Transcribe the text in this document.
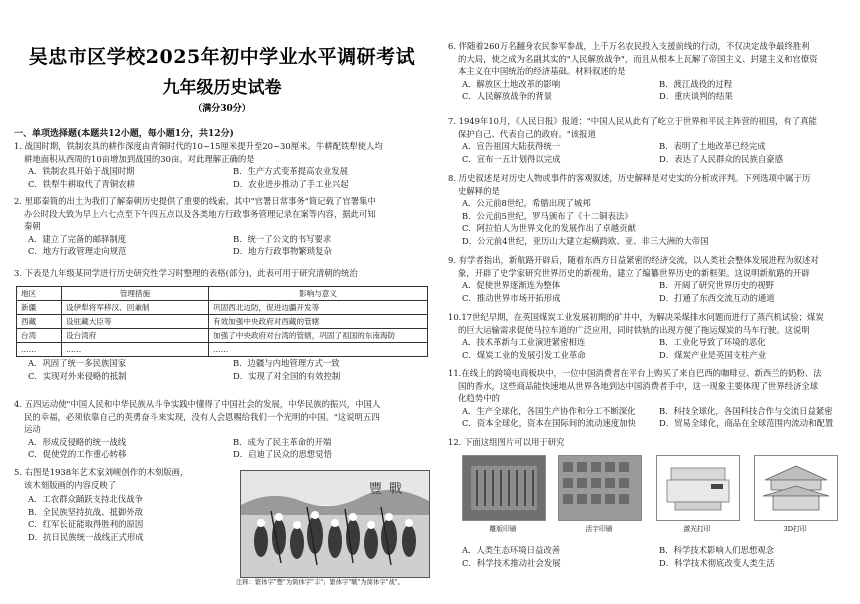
吴忠市区学校2025年初中学业水平调研考试
九年级历史试卷
（满分30分）
一、单项选择题(本题共12小题，每小题1分，共12分)

1. 战国时期，铁制农具的耕作深度由青铜时代的10~15厘米提升至20~30厘米。牛耕配铁犁使人均

耕地面积从西周的10亩增加到战国的30亩。对此理解正确的是

A．铁制农具开始于战国时期	B．生产方式变革提高农业发展
C．铁犁牛耕取代了青铜农耕	D．农业进步推动了手工业兴起

2. 里耶秦简的出土为我们了解秦朝历史提供了重要的线索。其中"官署日常事务"简记载了官署集中

办公时段大致为早上六七点至下午四五点以及各类地方行政事务管理记录在案等内容，据此可知

秦朝

A．建立了完备的邮驿制度	B．统一了公文的书写要求
C．地方行政管理走向规范	D．地方行政事物繁琐复杂

3. 下表是九年级某同学进行历史研究性学习时整理的表格(部分)，此表可用于研究清朝的统治

地区	管理措施	影响与意义
新疆	设伊犁将军移汉、回兼制	巩固西北边防，促进边疆开发等
西藏	设驻藏大臣等	有效加强中央政府对西藏的管辖
台湾	设台湾府	加强了中央政府对台湾的管辖，巩固了祖国的东南海防
……	……	……
A．巩固了统一多民族国家	B．边疆与内地管理方式一致
C．实现对外来侵略的抵制	D．实现了对全国的有效控制

4. 五四运动使"中国人民和中华民族从斗争实践中懂得了中国社会的发展，中华民族的振兴，中国人

民的幸福，必须依靠自己的英勇奋斗来实现，没有人会恩赐给我们一个光明的中国。"这说明五四

运动

A．形成反侵略的统一战线	B．成为了民主革命的开端
C．促使党的工作重心转移	D．启迪了民众的思想觉悟

5. 右图是1938年艺术家刘岘创作的木刻版画，

该木刻版画的内容反映了

A．工农群众踊跃支持北伐战争
B．全民族坚持抗战、抵御外敌
C．红军长征能取得胜利的原因
D．抗日民族统一战线正式形成
豐 戰
注释：繁体字"豐"为简体字"丰"；繁体字"戰"为简体字"战"。

6. 伴随着260万名翻身农民参军参战，上千万名农民投入支援前线的行动，不仅决定战争最终胜利

的大局，使之成为名副其实的"人民解放战争"，而且从根本上瓦解了帝国主义、封建主义和官僚资

本主义在中国统治的经济基础。材料叙述的是

A．解放区土地改革的影响	B．渡江战役的过程
C．人民解放战争的背景	D．重庆谈判的结果

7. 1949年10月，《人民日报》报道："中国人民从此有了屹立于世界和平民主阵营的祖国，有了真能

保护自己、代表自己的政府。"该报道

A．宣告祖国大陆获得统一	B．表明了土地改革已经完成
C．宣布一五计划得以完成	D．表达了人民群众的民族自豪感

8. 历史叙述是对历史人物或事件的客观叙述，历史解释是对史实的分析或评判。下列选项中属于历

史解释的是

A．公元前8世纪，希腊出现了城邦
B．公元前5世纪，罗马颁布了《十二铜表法》
C．阿拉伯人为世界文化的发展作出了卓越贡献
D．公元前4世纪，亚历山大建立起横跨欧、亚、非三大洲的大帝国

9. 有学者指出，新航路开辟后，随着东西方日益紧密的经济交流，以人类社会整体发展进程为叙述对

象，开辟了史学家研究世界历史的新视角，建立了编纂世界历史的新框架。这说明新航路的开辟

A．促使世界逐渐连为整体	B．开阔了研究世界历史的视野
C．推动世界市场开拓形成	D．打通了东西交流互动的通道

10.17世纪早期，在英国煤炭工业发展初期的矿井中，为解决采煤排水问题而进行了蒸汽机试验；煤炭

的巨大运输需求促使马拉车道的广泛应用，同时铁轨的出现方便了拖运煤炭的马车行驶。这说明

A．技术革新与工业演进紧密相连	B．工业化导致了环境的恶化
C．煤炭工业的发展引发工业革命	D．煤炭产业是英国支柱产业

11.在线上的跨境电商板块中，一位中国消费者在平台上购买了来自巴西的咖啡豆、新西兰的奶粉、法

国的香水，这些商品能快速地从世界各地到达中国消费者手中，这一现象主要体现了世界经济全球

化趋势中的

A．生产全球化，各国生产协作和分工不断深化	B．科技全球化，各国科技合作与交流日益紧密
C．资本全球化，资本在国际间的流动速度加快	D．贸易全球化，商品在全球范围内流动和配置

12. 下面这组图片可以用于研究

雕版印刷	活字印刷	激光打印	3D打印
A．人类生态环境日益改善	B．科学技术影响人们思想观念
C．科学技术推动社会发展	D．科学技术彻底改变人类生活
